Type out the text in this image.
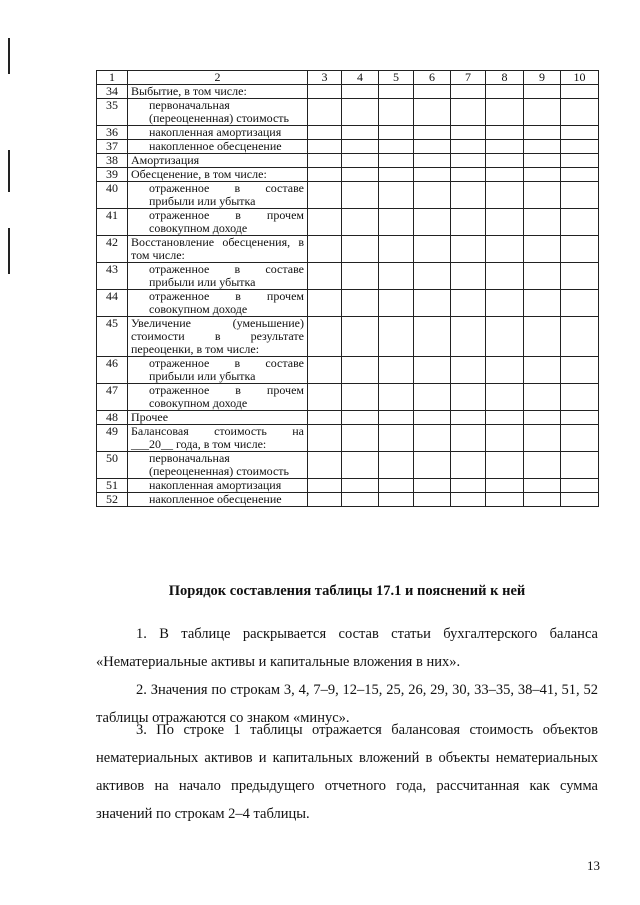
1	2	3	4	5	6	7	8	9	10
34	Выбытие, в том числе:								
35	первоначальная (переоцененная) стоимость								
36	накопленная амортизация								
37	накопленное обесценение								
38	Амортизация								
39	Обесценение, в том числе:								
40	отраженное в составе прибыли или убытка								
41	отраженное в прочем совокупном доходе								
42	Восстановление обесценения, в том числе:								
43	отраженное в составе прибыли или убытка								
44	отраженное в прочем совокупном доходе								
45	Увеличение (уменьшение) стоимости в результате переоценки, в том числе:								
46	отраженное в составе прибыли или убытка								
47	отраженное в прочем совокупном доходе								
48	Прочее								
49	Балансовая стоимость на ___20__ года, в том числе:								
50	первоначальная (переоцененная) стоимость								
51	накопленная амортизация								
52	накопленное обесценение								
Порядок составления таблицы 17.1 и пояснений к ней

1. В таблице раскрывается состав статьи бухгалтерского баланса «Нематериальные активы и капитальные вложения в них».

2. Значения по строкам 3, 4, 7–9, 12–15, 25, 26, 29, 30, 33–35, 38–41, 51, 52 таблицы отражаются со знаком «минус».

3. По строке 1 таблицы отражается балансовая стоимость объектов нематериальных активов и капитальных вложений в объекты нематериальных активов на начало предыдущего отчетного года, рассчитанная как сумма значений по строкам 2–4 таблицы.

13
